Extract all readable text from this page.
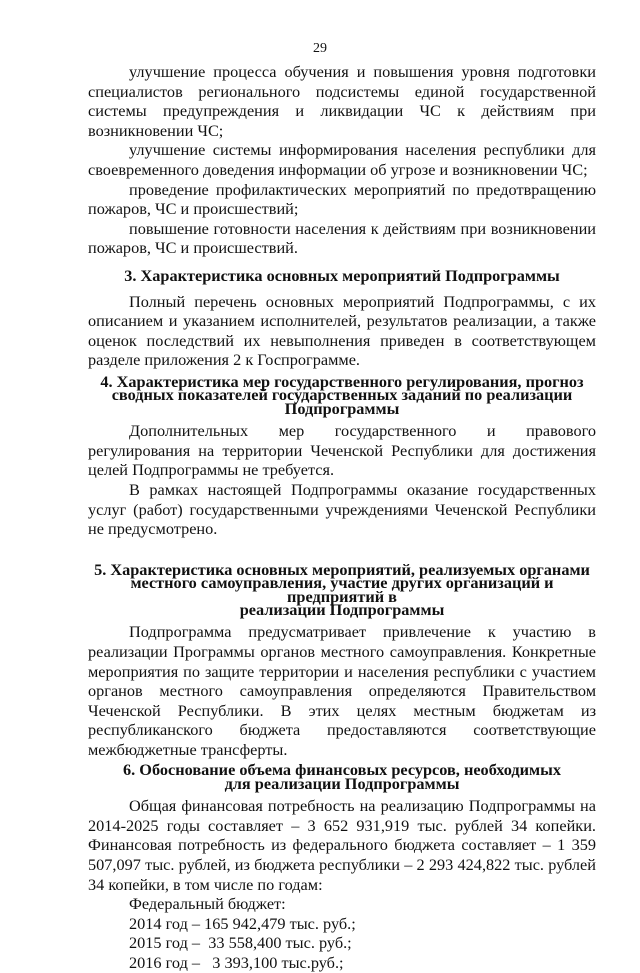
29

улучшение процесса обучения и повышения уровня подготовки специалистов регионального подсистемы единой государственной системы предупреждения и ликвидации ЧС к действиям при возникновении ЧС;

улучшение системы информирования населения республики для своевременного доведения информации об угрозе и возникновении ЧС;

проведение профилактических мероприятий по предотвращению пожаров, ЧС и происшествий;

повышение готовности населения к действиям при возникновении пожаров, ЧС и происшествий.

3. Характеристика основных мероприятий Подпрограммы

Полный перечень основных мероприятий Подпрограммы, с их описанием и указанием исполнителей, результатов реализации, а также оценок последствий их невыполнения приведен в соответствующем разделе приложения 2 к Госпрограмме.

4. Характеристика мер государственного регулирования, прогноз
сводных показателей государственных заданий по реализации
Подпрограммы

Дополнительных мер государственного и правового регулирования на территории Чеченской Республики для достижения целей Подпрограммы не требуется.

В рамках настоящей Подпрограммы оказание государственных услуг (работ) государственными учреждениями Чеченской Республики не предусмотрено.

5. Характеристика основных мероприятий, реализуемых органами
местного самоуправления, участие других организаций и предприятий в
реализации Подпрограммы

Подпрограмма предусматривает привлечение к участию в реализации Программы органов местного самоуправления. Конкретные мероприятия по защите территории и населения республики с участием органов местного самоуправления определяются Правительством Чеченской Республики. В этих целях местным бюджетам из республиканского бюджета предоставляются соответствующие межбюджетные трансферты.

6. Обоснование объема финансовых ресурсов, необходимых
для реализации Подпрограммы

Общая финансовая потребность на реализацию Подпрограммы на 2014-2025 годы составляет – 3 652 931,919 тыс. рублей 34 копейки. Финансовая потребность из федерального бюджета составляет – 1 359 507,097 тыс. рублей, из бюджета республики – 2 293 424,822 тыс. рублей 34 копейки, в том числе по годам:

Федеральный бюджет:
2014 год – 165 942,479 тыс. руб.;
2015 год –  33 558,400 тыс. руб.;
2016 год –   3 393,100 тыс.руб.;
